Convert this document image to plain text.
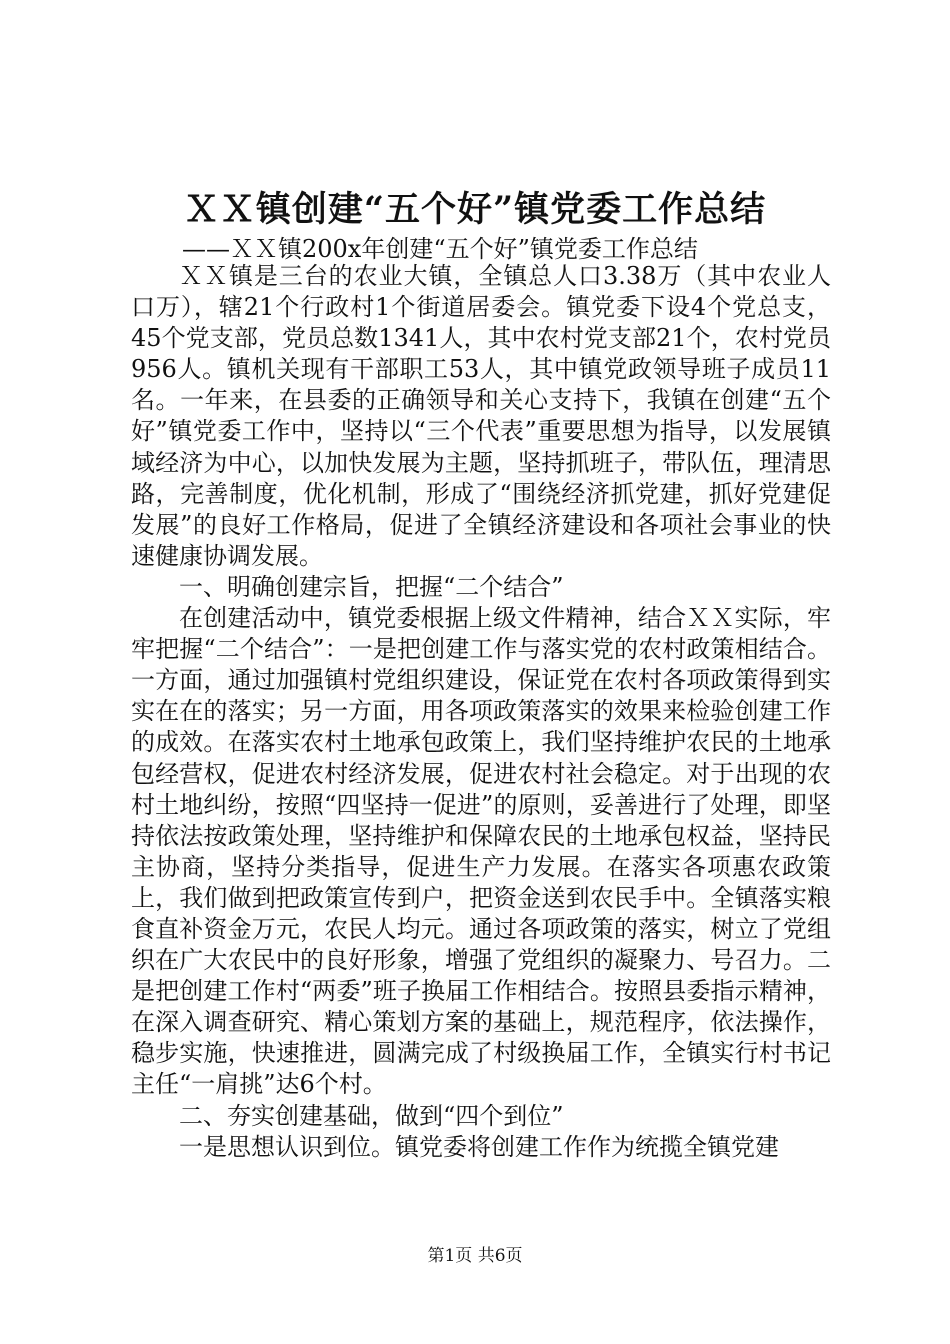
ＸＸ镇创建“五个好”镇党委工作总结
——ＸＸ镇200x年创建“五个好”镇党委工作总结

ＸＸ镇是三台的农业大镇，全镇总人口3.38万（其中农业人口万），辖21个行政村1个街道居委会。镇党委下设4个党总支，45个党支部，党员总数1341人，其中农村党支部21个，农村党员956人。镇机关现有干部职工53人，其中镇党政领导班子成员11名。一年来，在县委的正确领导和关心支持下，我镇在创建“五个好”镇党委工作中，坚持以“三个代表”重要思想为指导，以发展镇域经济为中心，以加快发展为主题，坚持抓班子，带队伍，理清思路，完善制度，优化机制，形成了“围绕经济抓党建，抓好党建促发展”的良好工作格局，促进了全镇经济建设和各项社会事业的快速健康协调发展。

一、明确创建宗旨，把握“二个结合”

在创建活动中，镇党委根据上级文件精神，结合ＸＸ实际，牢牢把握“二个结合”：一是把创建工作与落实党的农村政策相结合。一方面，通过加强镇村党组织建设，保证党在农村各项政策得到实实在在的落实；另一方面，用各项政策落实的效果来检验创建工作的成效。在落实农村土地承包政策上，我们坚持维护农民的土地承包经营权，促进农村经济发展，促进农村社会稳定。对于出现的农村土地纠纷，按照“四坚持一促进”的原则，妥善进行了处理，即坚持依法按政策处理，坚持维护和保障农民的土地承包权益，坚持民主协商，坚持分类指导，促进生产力发展。在落实各项惠农政策上，我们做到把政策宣传到户，把资金送到农民手中。全镇落实粮食直补资金万元，农民人均元。通过各项政策的落实，树立了党组织在广大农民中的良好形象，增强了党组织的凝聚力、号召力。二是把创建工作村“两委”班子换届工作相结合。按照县委指示精神，在深入调查研究、精心策划方案的基础上，规范程序，依法操作，稳步实施，快速推进，圆满完成了村级换届工作，全镇实行村书记主任“一肩挑”达6个村。

二、夯实创建基础，做到“四个到位”

一是思想认识到位。镇党委将创建工作作为统揽全镇党建

第1页 共6页
